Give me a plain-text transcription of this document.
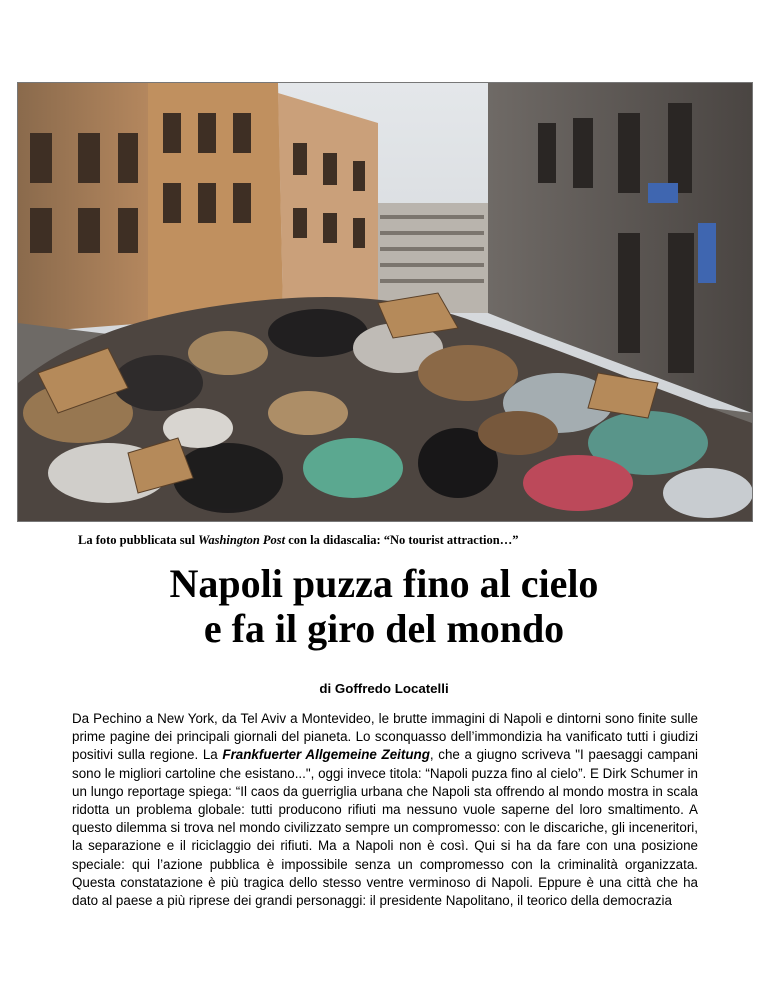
La foto pubblicata sul Washington Post con la didascalia: “No tourist attraction…”
Napoli puzza fino al cielo
e fa il giro del mondo
di Goffredo Locatelli

Da Pechino a New York, da Tel Aviv a Montevideo, le brutte immagini di Napoli e dintorni sono finite sulle prime pagine dei principali giornali del pianeta. Lo sconquasso dell’immondizia ha vanificato tutti i giudizi positivi sulla regione. La Frankfuerter Allgemeine Zeitung, che a giugno scriveva "I paesaggi campani sono le migliori cartoline che esistano...", oggi invece titola: “Napoli puzza fino al cielo”. E Dirk Schumer in un lungo reportage spiega: “Il caos da guerriglia urbana che Napoli sta offrendo al mondo mostra in scala ridotta un problema globale: tutti producono rifiuti ma nessuno vuole saperne del loro smaltimento. A questo dilemma si trova nel mondo civilizzato sempre un compromesso: con le discariche, gli inceneritori, la separazione e il riciclaggio dei rifiuti. Ma a Napoli non è così. Qui si ha da fare con una posizione speciale: qui l’azione pubblica è impossibile senza un compromesso con la criminalità organizzata. Questa constatazione è più tragica dello stesso ventre verminoso di Napoli. Eppure è una città che ha dato al paese a più riprese dei grandi personaggi: il presidente Napolitano, il teorico della democrazia
